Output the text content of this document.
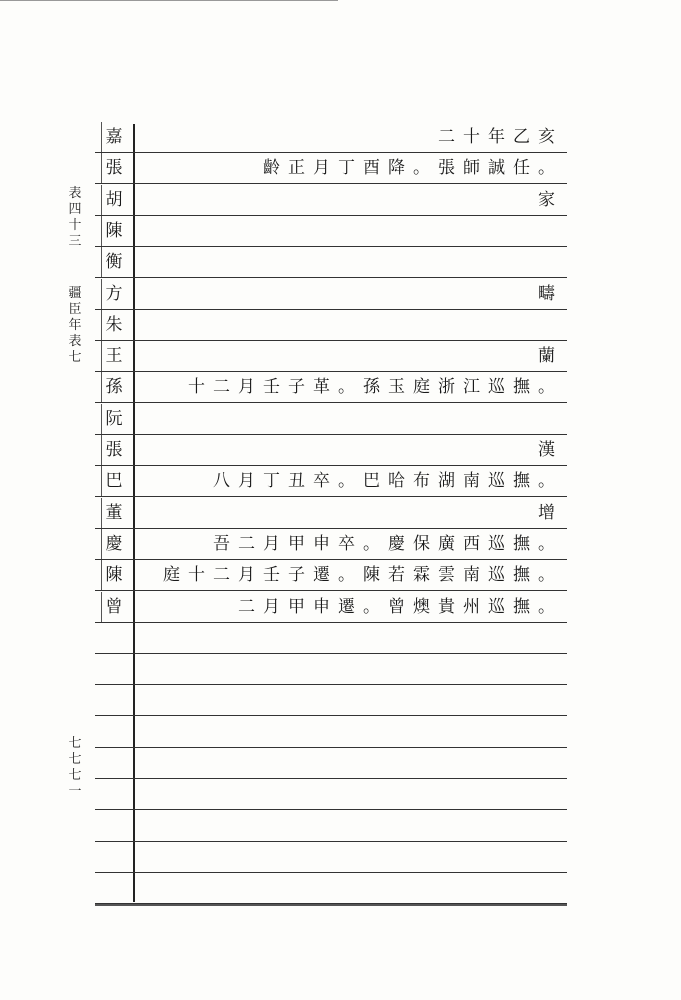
表四十三
疆臣年表七
七七七一
嘉	二十年乙亥
張	齡正月丁酉降。張師誠任。
胡	家
陳
衡
方	疇
朱
王	蘭
孫	十二月壬子革。孫玉庭浙江巡撫。
阮
張	漢
巴	八月丁丑卒。巴哈布湖南巡撫。
董	增
慶	吾二月甲申卒。慶保廣西巡撫。
陳	庭十二月壬子遷。陳若霖雲南巡撫。
曾	二月甲申遷。曾燠貴州巡撫。
